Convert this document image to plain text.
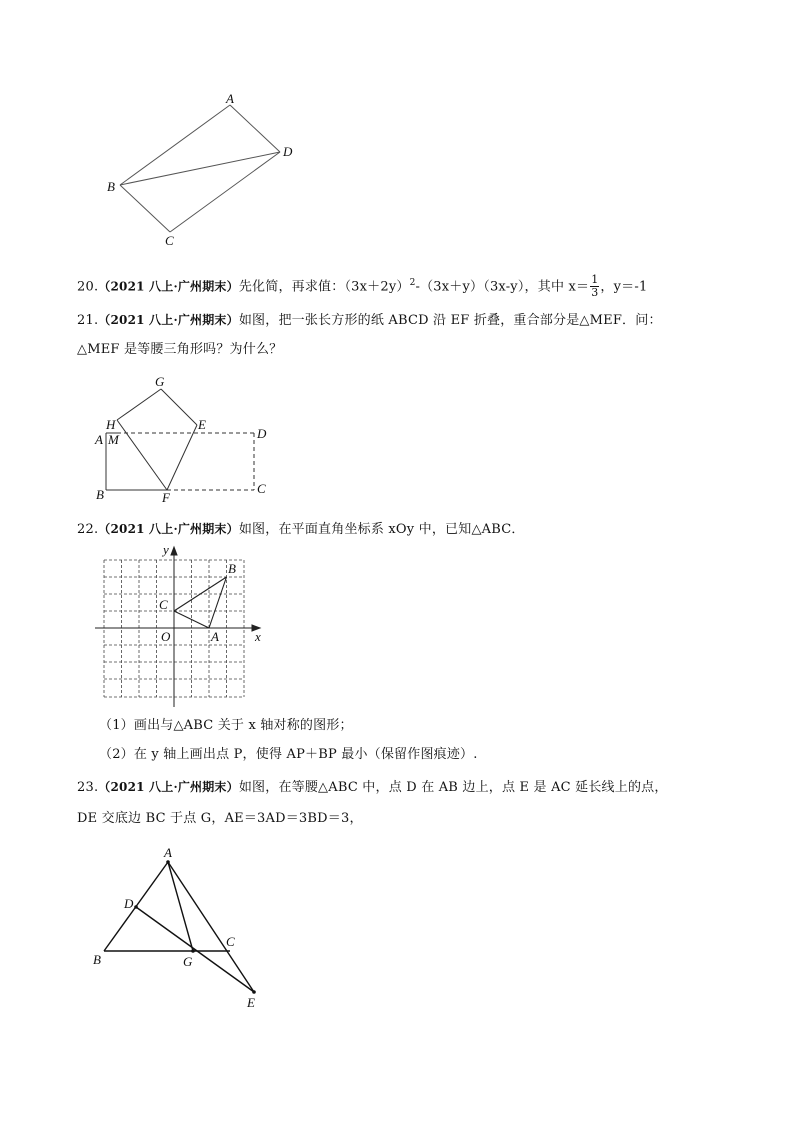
A
B
C
D
20.（2021 八上·广州期末）先化简，再求值：$(3x+2y)^2-(3x+y)(3x-y)$，其中 $x= \frac{1}{3}$ ，y＝-1
21.（2021 八上·广州期末）如图，把一张长方形的纸 ABCD 沿 EF 折叠，重合部分是△MEF．问：
△MEF 是等腰三角形吗？为什么？
G
H	E
D
A M
B	F
C
22.（2021 八上·广州期末）如图，在平面直角坐标系 xOy 中，已知△ABC．
y
x
O	A
B
C
（1）画出与△ABC 关于 x 轴对称的图形；
（2）在 y 轴上画出点 P，使得 AP＋BP 最小（保留作图痕迹）.
23.（2021 八上·广州期末）如图，在等腰△ABC 中，点 D 在 AB 边上，点 E 是 AC 延长线上的点，
DE 交底边 BC 于点 G，AE＝3AD＝3BD＝3，
A
D
C
B	G
E
